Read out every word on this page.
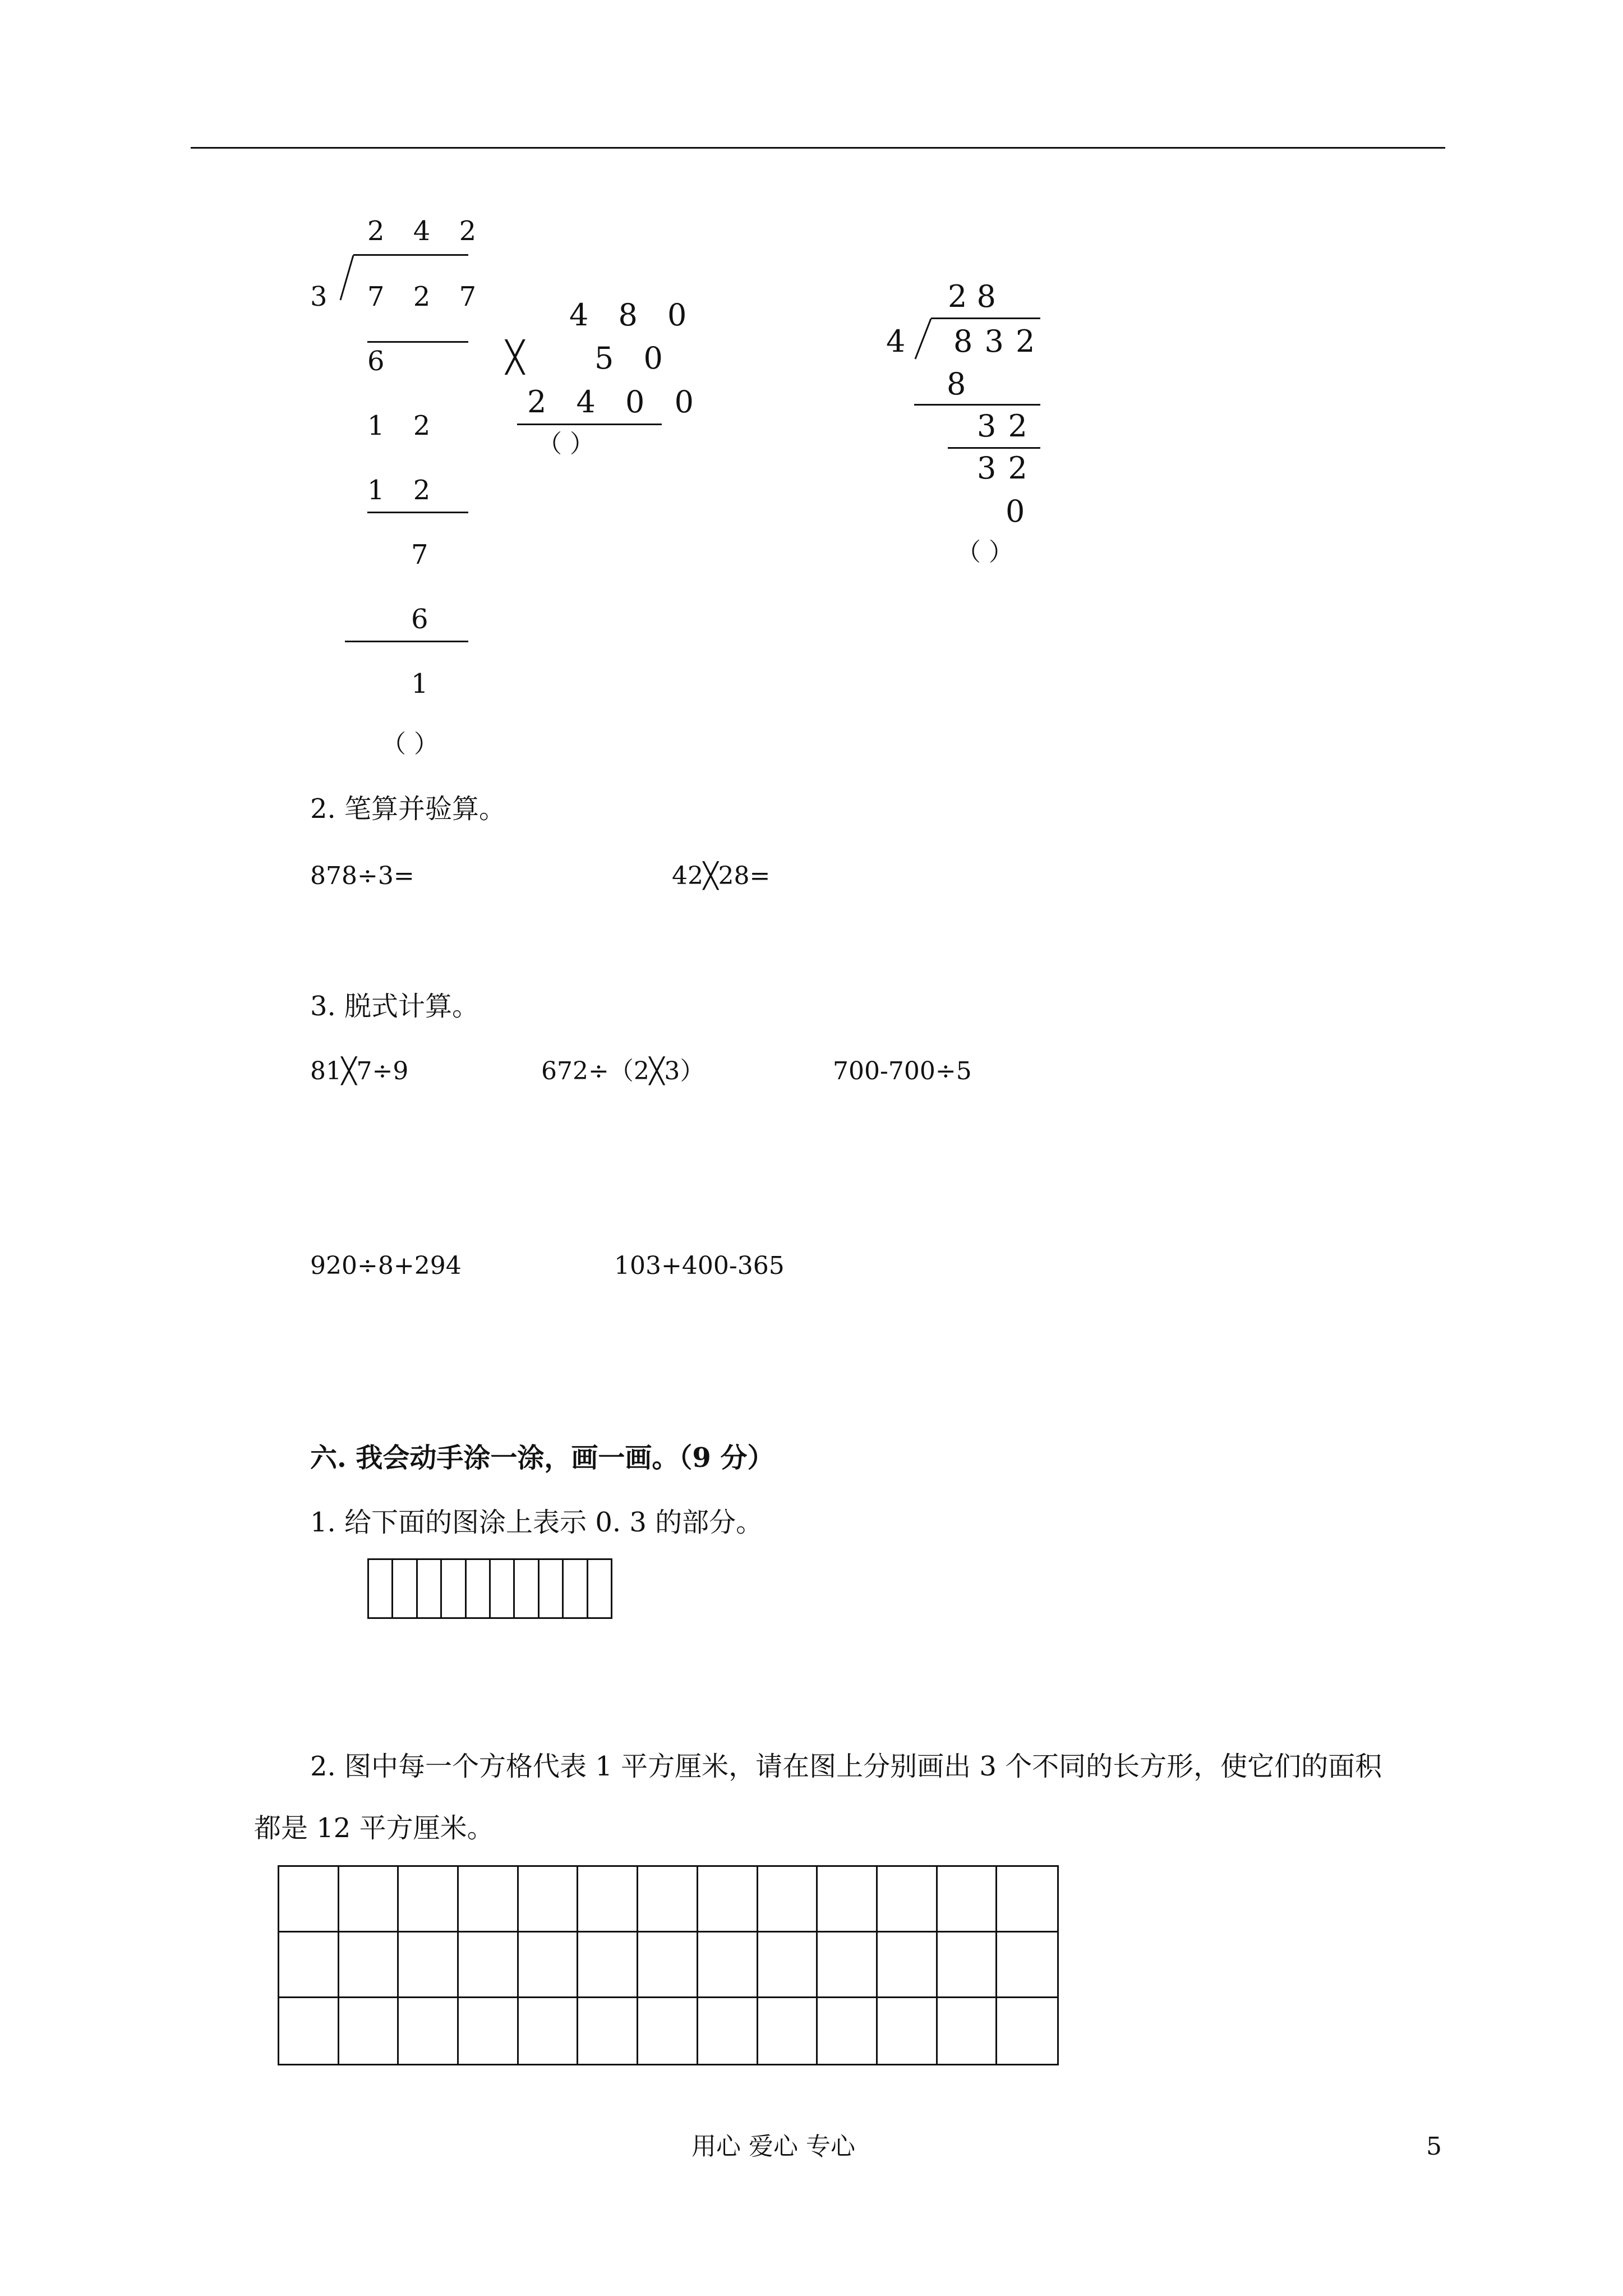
2 4 2
3 7 2 7
6
1 2
1 2
7
6
1
（ ）
4 8 0
╳ 5 0
2 4 0 0
（ ）
2 8
4 8 3 2
8
3 2
3 2
0
（ ）
2. 笔算并验算。
878÷3=	42╳28=
3. 脱式计算。
81╳7÷9	672÷（2╳3）	700-700÷5
920÷8+294	103+400-365
六. 我会动手涂一涂，画一画。（9 分）
1. 给下面的图涂上表示 0. 3 的部分。
2. 图中每一个方格代表 1 平方厘米，请在图上分别画出 3 个不同的长方形，使它们的面积
都是 12 平方厘米。
用心 爱心 专心	5
